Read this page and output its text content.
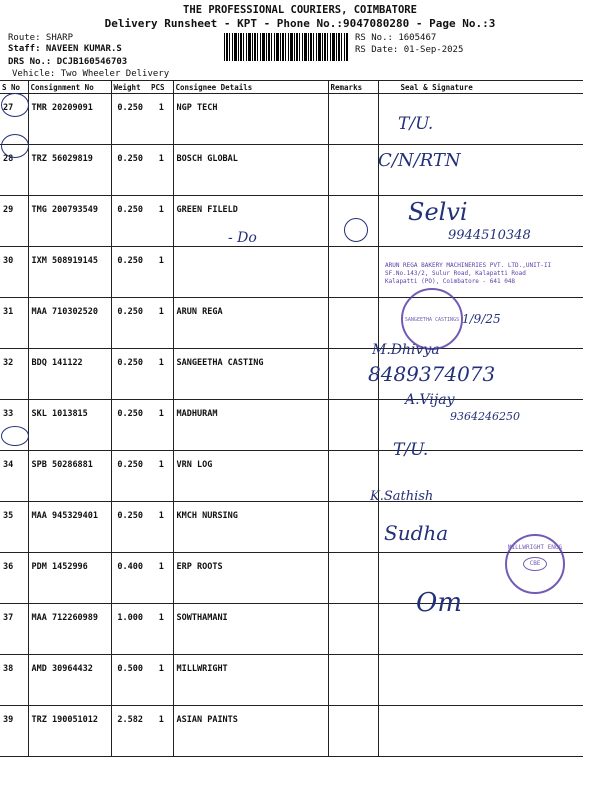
THE PROFESSIONAL COURIERS, COIMBATORE
Delivery Runsheet - KPT - Phone No.:9047080280 - Page No.:3
Route: SHARP
Staff: NAVEEN KUMAR.S
DRS No.: DCJB160546703
Vehicle: Two Wheeler Delivery
RS No.: 1605467
RS Date: 01-Sep-2025
S No	Consignment No	Weight	PCS	Consignee Details	Remarks	Seal & Signature
27	TMR 20209091	0.250	1	NGP TECH		
28	TRZ 56029819	0.250	1	BOSCH GLOBAL		
29	TMG 200793549	0.250	1	GREEN FILELD		
30	IXM 508919145	0.250	1			
31	MAA 710302520	0.250	1	ARUN REGA		
32	BDQ 141122	0.250	1	SANGEETHA CASTING		
33	SKL 1013815	0.250	1	MADHURAM		
34	SPB 50286881	0.250	1	VRN LOG		
35	MAA 945329401	0.250	1	KMCH NURSING		
36	PDM 1452996	0.400	1	ERP ROOTS		
37	MAA 712260989	1.000	1	SOWTHAMANI		
38	AMD 30964432	0.500	1	MILLWRIGHT		
39	TRZ 190051012	2.582	1	ASIAN PAINTS		
T/U.
C/N/RTN
- Do
Selvi
9944510348
ARUN REGA BAKERY MACHINERIES PVT. LTD.,UNIT-II
SF.No.143/2, Sulur Road, Kalapatti Road
Kalapatti (PO), Coimbatore - 641 048
SANGEETHA CASTINGS 1/9/25
M.Dhivya
8489374073
A.Vijay
9364246250
T/U.
K.Sathish
Sudha
MILLWRIGHT ENGG
CBE
Om
